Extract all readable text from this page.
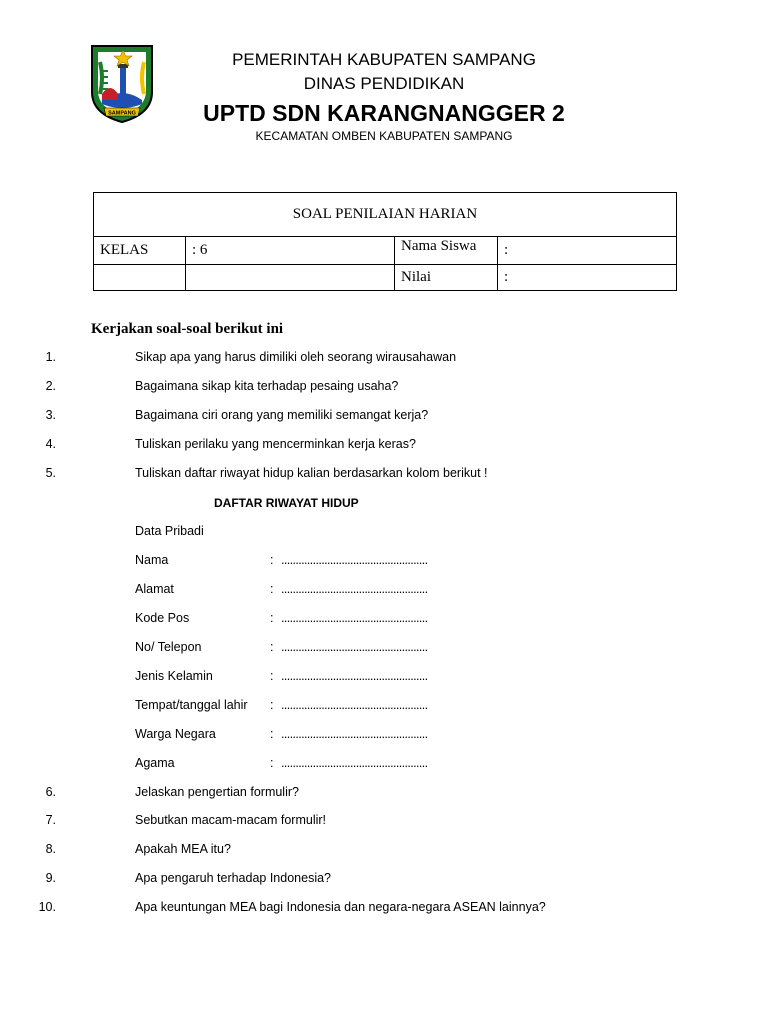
SAMPANG
PEMERINTAH KABUPATEN SAMPANG
DINAS PENDIDIKAN
UPTD SDN KARANGNANGGER 2
KECAMATAN OMBEN KABUPATEN SAMPANG
SOAL PENILAIAN HARIAN			
KELAS	: 6	Nama Siswa	:
		Nilai	:
Kerjakan soal-soal berikut ini
1.	Sikap apa yang harus dimiliki oleh seorang wirausahawan
2.	Bagaimana sikap kita terhadap pesaing usaha?
3.	Bagaimana ciri orang yang memiliki semangat kerja?
4.	Tuliskan perilaku yang mencerminkan kerja keras?
5.	Tuliskan daftar riwayat hidup kalian berdasarkan kolom berikut !
DAFTAR RIWAYAT HIDUP
Data Pribadi
Nama	: ...................................................
Alamat	: ...................................................
Kode Pos	: ...................................................
No/ Telepon	: ...................................................
Jenis Kelamin	: ...................................................
Tempat/tanggal lahir : ...................................................
Warga Negara	: ...................................................
Agama	: ...................................................
6.	Jelaskan pengertian formulir?
7.	Sebutkan macam-macam formulir!
8.	Apakah MEA itu?
9.	Apa pengaruh terhadap Indonesia?
10.	Apa keuntungan MEA bagi Indonesia dan negara-negara ASEAN lainnya?
